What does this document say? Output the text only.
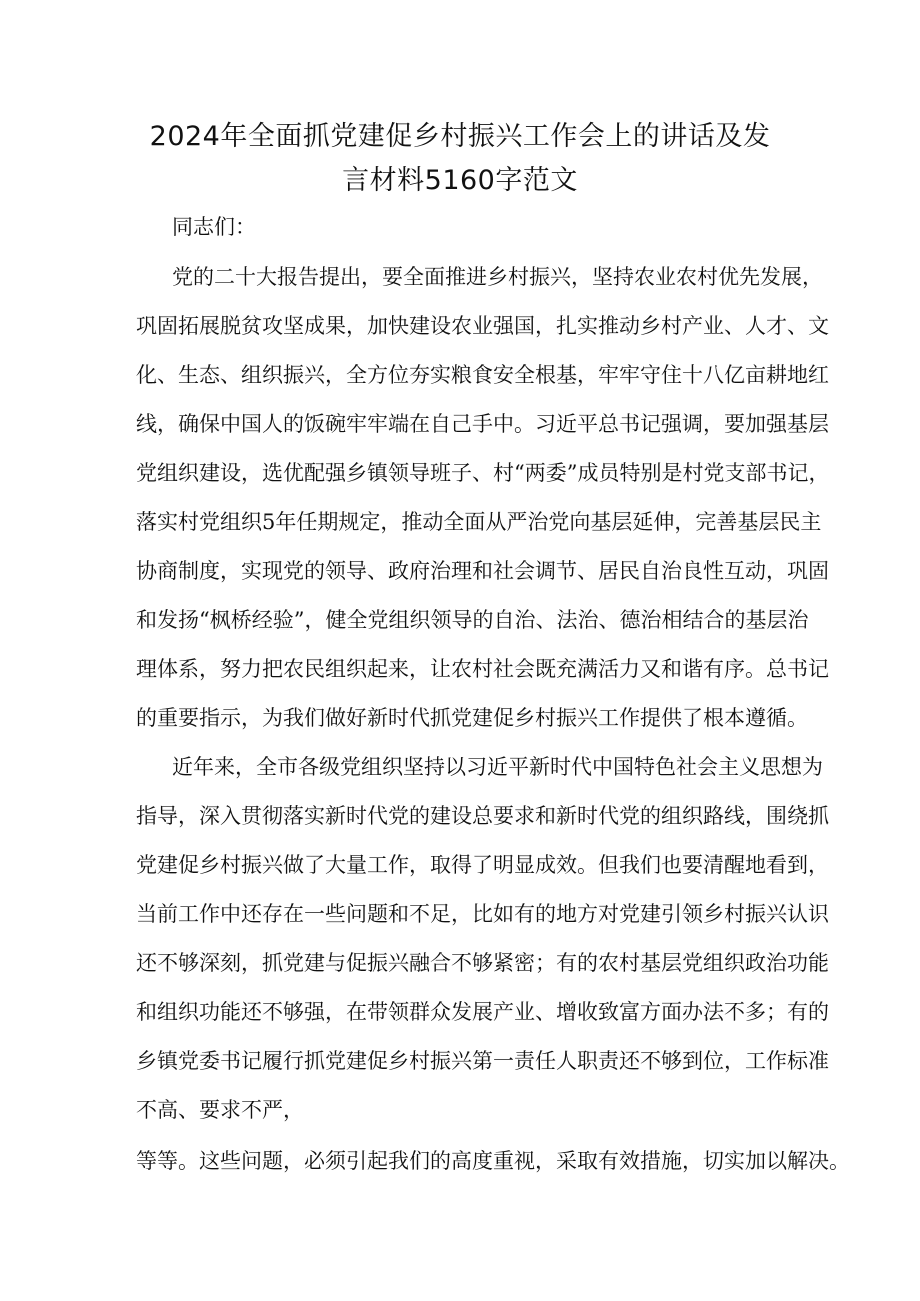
2024年全面抓党建促乡村振兴工作会上的讲话及发
言材料5160字范文
同志们：
党的二十大报告提出，要全面推进乡村振兴，坚持农业农村优先发展，
巩固拓展脱贫攻坚成果，加快建设农业强国，扎实推动乡村产业、人才、文
化、生态、组织振兴，全方位夯实粮食安全根基，牢牢守住十八亿亩耕地红
线，确保中国人的饭碗牢牢端在自己手中。习近平总书记强调，要加强基层
党组织建设，选优配强乡镇领导班子、村“两委”成员特别是村党支部书记，
落实村党组织5年任期规定，推动全面从严治党向基层延伸，完善基层民主
协商制度，实现党的领导、政府治理和社会调节、居民自治良性互动，巩固
和发扬“枫桥经验”，健全党组织领导的自治、法治、德治相结合的基层治
理体系，努力把农民组织起来，让农村社会既充满活力又和谐有序。总书记
的重要指示，为我们做好新时代抓党建促乡村振兴工作提供了根本遵循。
近年来，全市各级党组织坚持以习近平新时代中国特色社会主义思想为
指导，深入贯彻落实新时代党的建设总要求和新时代党的组织路线，围绕抓
党建促乡村振兴做了大量工作，取得了明显成效。但我们也要清醒地看到，
当前工作中还存在一些问题和不足，比如有的地方对党建引领乡村振兴认识
还不够深刻，抓党建与促振兴融合不够紧密；有的农村基层党组织政治功能
和组织功能还不够强，在带领群众发展产业、增收致富方面办法不多；有的
乡镇党委书记履行抓党建促乡村振兴第一责任人职责还不够到位，工作标准
不高、要求不严，
等等。这些问题，必须引起我们的高度重视，采取有效措施，切实加以解决。
